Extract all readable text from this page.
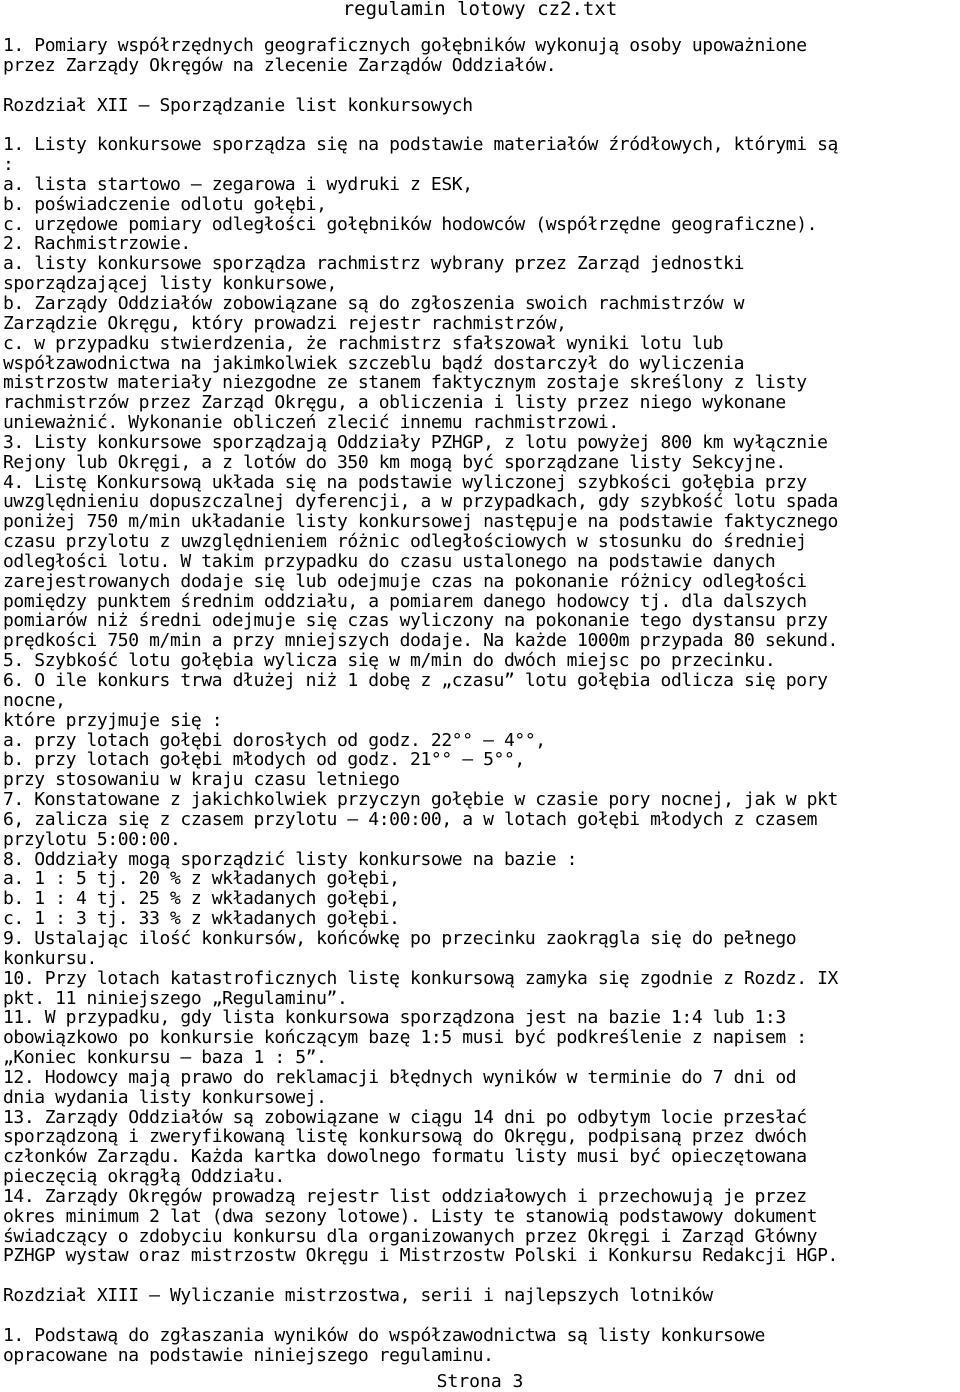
regulamin lotowy cz2.txt
1. Pomiary współrzędnych geograficznych gołębników wykonują osoby upoważnione
przez Zarządy Okręgów na zlecenie Zarządów Oddziałów.
Rozdział XII – Sporządzanie list konkursowych
1. Listy konkursowe sporządza się na podstawie materiałów źródłowych, którymi są
:
a. lista startowo – zegarowa i wydruki z ESK,
b. poświadczenie odlotu gołębi,
c. urzędowe pomiary odległości gołębników hodowców (współrzędne geograficzne).
2. Rachmistrzowie.
a. listy konkursowe sporządza rachmistrz wybrany przez Zarząd jednostki
sporządzającej listy konkursowe,
b. Zarządy Oddziałów zobowiązane są do zgłoszenia swoich rachmistrzów w
Zarządzie Okręgu, który prowadzi rejestr rachmistrzów,
c. w przypadku stwierdzenia, że rachmistrz sfałszował wyniki lotu lub
współzawodnictwa na jakimkolwiek szczeblu bądź dostarczył do wyliczenia
mistrzostw materiały niezgodne ze stanem faktycznym zostaje skreślony z listy
rachmistrzów przez Zarząd Okręgu, a obliczenia i listy przez niego wykonane
unieważnić. Wykonanie obliczeń zlecić innemu rachmistrzowi.
3. Listy konkursowe sporządzają Oddziały PZHGP, z lotu powyżej 800 km wyłącznie
Rejony lub Okręgi, a z lotów do 350 km mogą być sporządzane listy Sekcyjne.
4. Listę Konkursową układa się na podstawie wyliczonej szybkości gołębia przy
uwzględnieniu dopuszczalnej dyferencji, a w przypadkach, gdy szybkość lotu spada
poniżej 750 m/min układanie listy konkursowej następuje na podstawie faktycznego
czasu przylotu z uwzględnieniem różnic odległościowych w stosunku do średniej
odległości lotu. W takim przypadku do czasu ustalonego na podstawie danych
zarejestrowanych dodaje się lub odejmuje czas na pokonanie różnicy odległości
pomiędzy punktem średnim oddziału, a pomiarem danego hodowcy tj. dla dalszych
pomiarów niż średni odejmuje się czas wyliczony na pokonanie tego dystansu przy
prędkości 750 m/min a przy mniejszych dodaje. Na każde 1000m przypada 80 sekund.
5. Szybkość lotu gołębia wylicza się w m/min do dwóch miejsc po przecinku.
6. O ile konkurs trwa dłużej niż 1 dobę z „czasu” lotu gołębia odlicza się pory
nocne,
które przyjmuje się :
a. przy lotach gołębi dorosłych od godz. 22°° – 4°°,
b. przy lotach gołębi młodych od godz. 21°° – 5°°,
przy stosowaniu w kraju czasu letniego
7. Konstatowane z jakichkolwiek przyczyn gołębie w czasie pory nocnej, jak w pkt
6, zalicza się z czasem przylotu – 4:00:00, a w lotach gołębi młodych z czasem
przylotu 5:00:00.
8. Oddziały mogą sporządzić listy konkursowe na bazie :
a. 1 : 5 tj. 20 % z wkładanych gołębi,
b. 1 : 4 tj. 25 % z wkładanych gołębi,
c. 1 : 3 tj. 33 % z wkładanych gołębi.
9. Ustalając ilość konkursów, końcówkę po przecinku zaokrągla się do pełnego
konkursu.
10. Przy lotach katastroficznych listę konkursową zamyka się zgodnie z Rozdz. IX
pkt. 11 niniejszego „Regulaminu”.
11. W przypadku, gdy lista konkursowa sporządzona jest na bazie 1:4 lub 1:3
obowiązkowo po konkursie kończącym bazę 1:5 musi być podkreślenie z napisem :
„Koniec konkursu – baza 1 : 5”.
12. Hodowcy mają prawo do reklamacji błędnych wyników w terminie do 7 dni od
dnia wydania listy konkursowej.
13. Zarządy Oddziałów są zobowiązane w ciągu 14 dni po odbytym locie przesłać
sporządzoną i zweryfikowaną listę konkursową do Okręgu, podpisaną przez dwóch
członków Zarządu. Każda kartka dowolnego formatu listy musi być opieczętowana
pieczęcią okrągłą Oddziału.
14. Zarządy Okręgów prowadzą rejestr list oddziałowych i przechowują je przez
okres minimum 2 lat (dwa sezony lotowe). Listy te stanowią podstawowy dokument
świadczący o zdobyciu konkursu dla organizowanych przez Okręgi i Zarząd Główny
PZHGP wystaw oraz mistrzostw Okręgu i Mistrzostw Polski i Konkursu Redakcji HGP.
Rozdział XIII – Wyliczanie mistrzostwa, serii i najlepszych lotników
1. Podstawą do zgłaszania wyników do współzawodnictwa są listy konkursowe
opracowane na podstawie niniejszego regulaminu.
Strona 3
